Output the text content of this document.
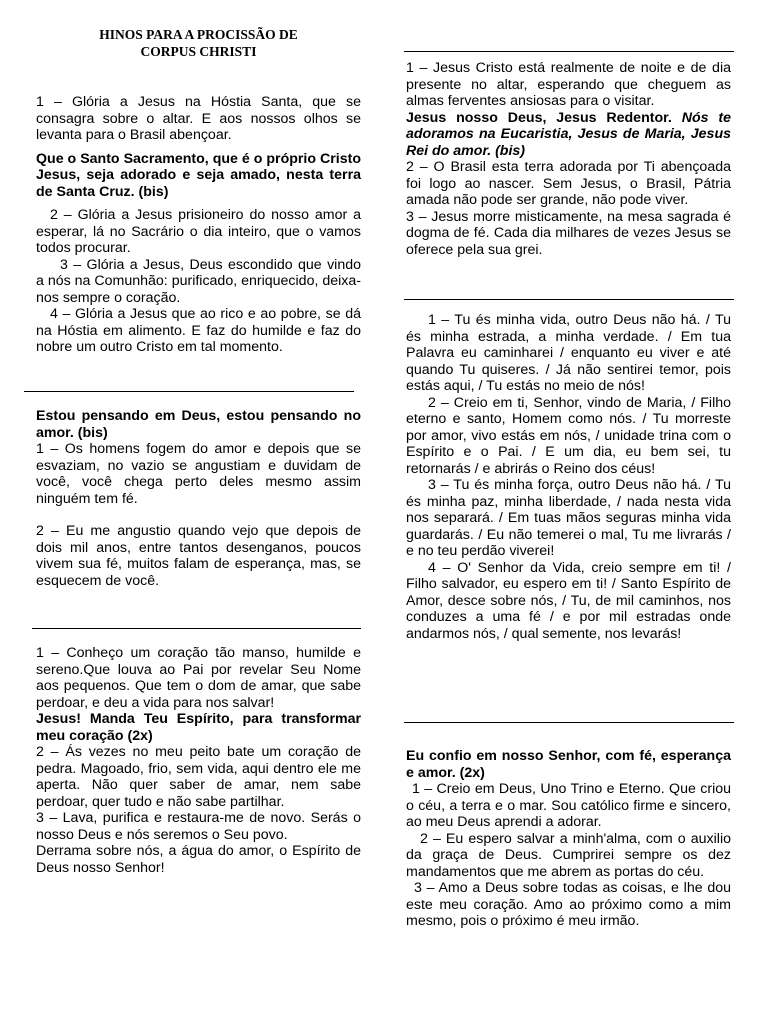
HINOS PARA A PROCISSÃO DE
CORPUS CHRISTI

1 – Glória a Jesus na Hóstia Santa, que se consagra sobre o altar. E aos nossos olhos se levanta para o Brasil abençoar.

Que o Santo Sacramento, que é o próprio Cristo Jesus, seja adorado e seja amado, nesta terra de Santa Cruz. (bis)

2 – Glória a Jesus prisioneiro do nosso amor a esperar, lá no Sacrário o dia inteiro, que o vamos todos procurar.

3 – Glória a Jesus, Deus escondido que vindo a nós na Comunhão: purificado, enriquecido, deixa-nos sempre o coração.

4 – Glória a Jesus que ao rico e ao pobre, se dá na Hóstia em alimento. E faz do humilde e faz do nobre um outro Cristo em tal momento.

Estou pensando em Deus, estou pensando no amor. (bis)

1 – Os homens fogem do amor e depois que se esvaziam, no vazio se angustiam e duvidam de você, você chega perto deles mesmo assim ninguém tem fé.

2 – Eu me angustio quando vejo que depois de dois mil anos, entre tantos desenganos, poucos vivem sua fé, muitos falam de esperança, mas, se esquecem de você.

1 – Conheço um coração tão manso, humilde e sereno.Que louva ao Pai por revelar Seu Nome aos pequenos. Que tem o dom de amar, que sabe perdoar, e deu a vida para nos salvar!

Jesus! Manda Teu Espírito, para transformar meu coração (2x)

2 – Ás vezes no meu peito bate um coração de pedra. Magoado, frio, sem vida, aqui dentro ele me aperta. Não quer saber de amar, nem sabe perdoar, quer tudo e não sabe partilhar.

3 – Lava, purifica e restaura-me de novo. Serás o nosso Deus e nós seremos o Seu povo.

Derrama sobre nós, a água do amor, o Espírito de Deus nosso Senhor!

1 – Jesus Cristo está realmente de noite e de dia presente no altar, esperando que cheguem as almas ferventes ansiosas para o visitar.

Jesus nosso Deus, Jesus Redentor. Nós te adoramos na Eucaristia, Jesus de Maria, Jesus Rei do amor. (bis)

2 – O Brasil esta terra adorada por Ti abençoada foi logo ao nascer. Sem Jesus, o Brasil, Pátria amada não pode ser grande, não pode viver.

3 – Jesus morre misticamente, na mesa sagrada é dogma de fé. Cada dia milhares de vezes Jesus se oferece pela sua grei.

1 – Tu és minha vida, outro Deus não há. / Tu és minha estrada, a minha verdade. / Em tua Palavra eu caminharei / enquanto eu viver e até quando Tu quiseres. / Já não sentirei temor, pois estás aqui, / Tu estás no meio de nós!

2 – Creio em ti, Senhor, vindo de Maria, / Filho eterno e santo, Homem como nós. / Tu morreste por amor, vivo estás em nós, / unidade trina com o Espírito e o Pai. / E um dia, eu bem sei, tu retornarás / e abrirás o Reino dos céus!

3 – Tu és minha força, outro Deus não há. / Tu és minha paz, minha liberdade, / nada nesta vida nos separará. / Em tuas mãos seguras minha vida guardarás. / Eu não temerei o mal, Tu me livrarás / e no teu perdão viverei!

4 – O' Senhor da Vida, creio sempre em ti! / Filho salvador, eu espero em ti! / Santo Espírito de Amor, desce sobre nós, / Tu, de mil caminhos, nos conduzes a uma fé / e por mil estradas onde andarmos nós, / qual semente, nos levarás!

Eu confio em nosso Senhor, com fé, esperança e amor. (2x)

1 – Creio em Deus, Uno Trino e Eterno. Que criou o céu, a terra e o mar. Sou católico firme e sincero, ao meu Deus aprendi a adorar.

2 – Eu espero salvar a minh'alma, com o auxilio da graça de Deus. Cumprirei sempre os dez mandamentos que me abrem as portas do céu.

3 – Amo a Deus sobre todas as coisas, e lhe dou este meu coração. Amo ao próximo como a mim mesmo, pois o próximo é meu irmão.
